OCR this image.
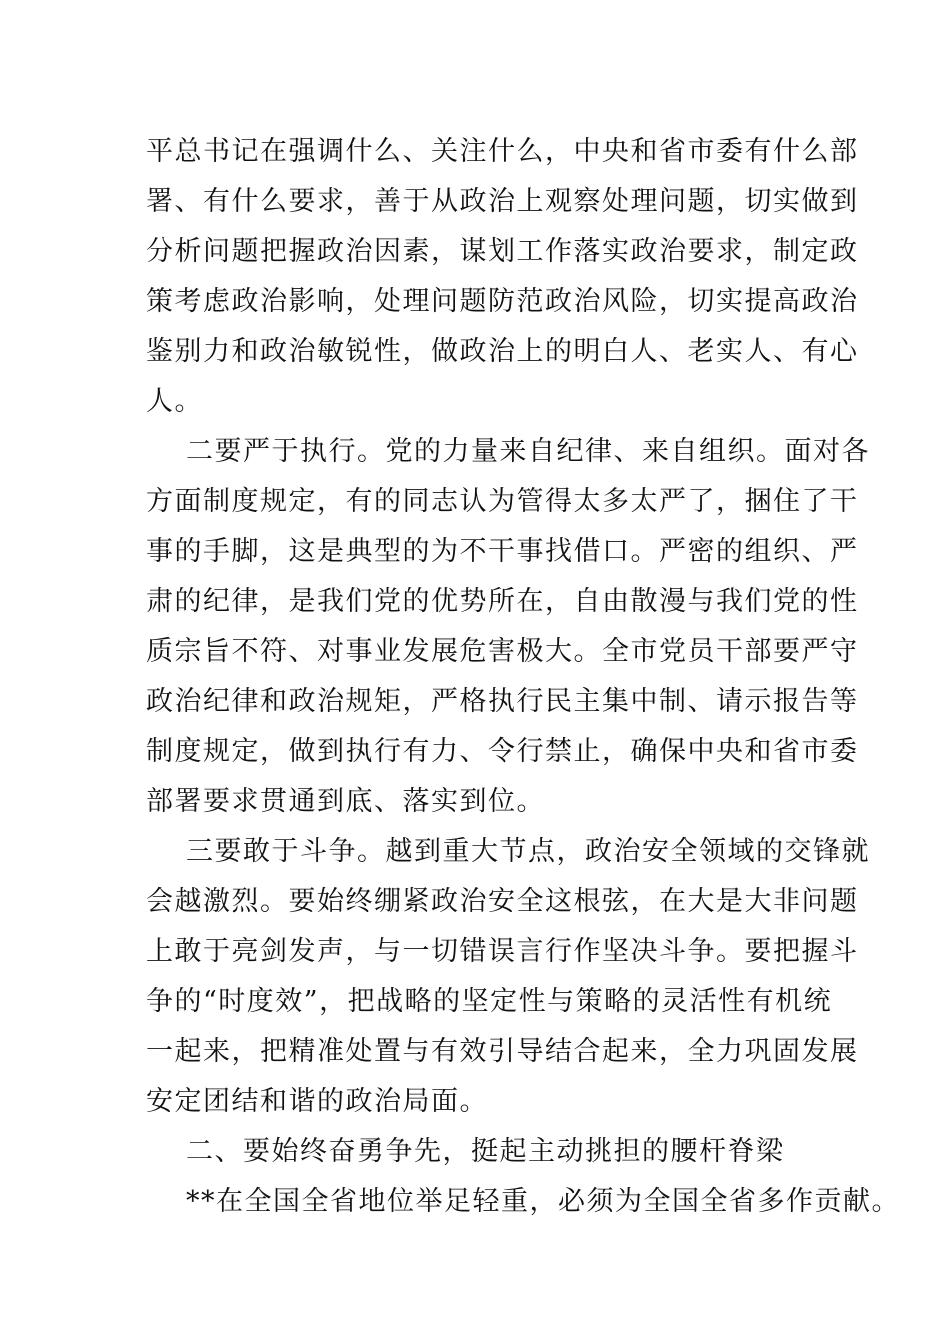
平总书记在强调什么、关注什么，中央和省市委有什么部
署、有什么要求，善于从政治上观察处理问题，切实做到
分析问题把握政治因素，谋划工作落实政治要求，制定政
策考虑政治影响，处理问题防范政治风险，切实提高政治
鉴别力和政治敏锐性，做政治上的明白人、老实人、有心
人。
二要严于执行。党的力量来自纪律、来自组织。面对各
方面制度规定，有的同志认为管得太多太严了，捆住了干
事的手脚，这是典型的为不干事找借口。严密的组织、严
肃的纪律，是我们党的优势所在，自由散漫与我们党的性
质宗旨不符、对事业发展危害极大。全市党员干部要严守
政治纪律和政治规矩，严格执行民主集中制、请示报告等
制度规定，做到执行有力、令行禁止，确保中央和省市委
部署要求贯通到底、落实到位。
三要敢于斗争。越到重大节点，政治安全领域的交锋就
会越激烈。要始终绷紧政治安全这根弦，在大是大非问题
上敢于亮剑发声，与一切错误言行作坚决斗争。要把握斗
争的“时度效”，把战略的坚定性与策略的灵活性有机统
一起来，把精准处置与有效引导结合起来，全力巩固发展
安定团结和谐的政治局面。
二、要始终奋勇争先，挺起主动挑担的腰杆脊梁
**在全国全省地位举足轻重，必须为全国全省多作贡献。
